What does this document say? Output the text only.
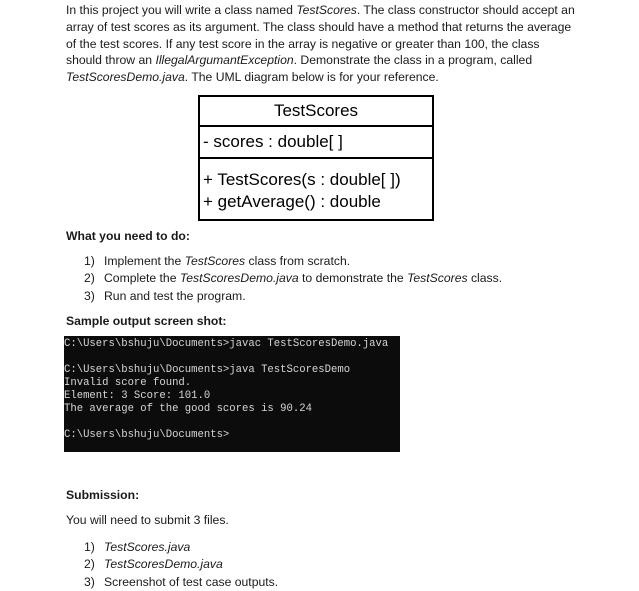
In this project you will write a class named TestScores. The class constructor should accept an array of test scores as its argument. The class should have a method that returns the average of the test scores. If any test score in the array is negative or greater than 100, the class should throw an IllegalArgumantException. Demonstrate the class in a program, called TestScoresDemo.java. The UML diagram below is for your reference.
TestScores
- scores : double[ ]
+ TestScores(s : double[ ])
+ getAverage() : double
What you need to do:
1) Implement the TestScores class from scratch.
2) Complete the TestScoresDemo.java to demonstrate the TestScores class.
3) Run and test the program.
Sample output screen shot:
C:\Users\bshuju\Documents>javac TestScoresDemo.java
C:\Users\bshuju\Documents>java TestScoresDemo
Invalid score found.
Element: 3 Score: 101.0
The average of the good scores is 90.24
C:\Users\bshuju\Documents>
Submission:
You will need to submit 3 files.
1) TestScores.java
2) TestScoresDemo.java
3) Screenshot of test case outputs.
